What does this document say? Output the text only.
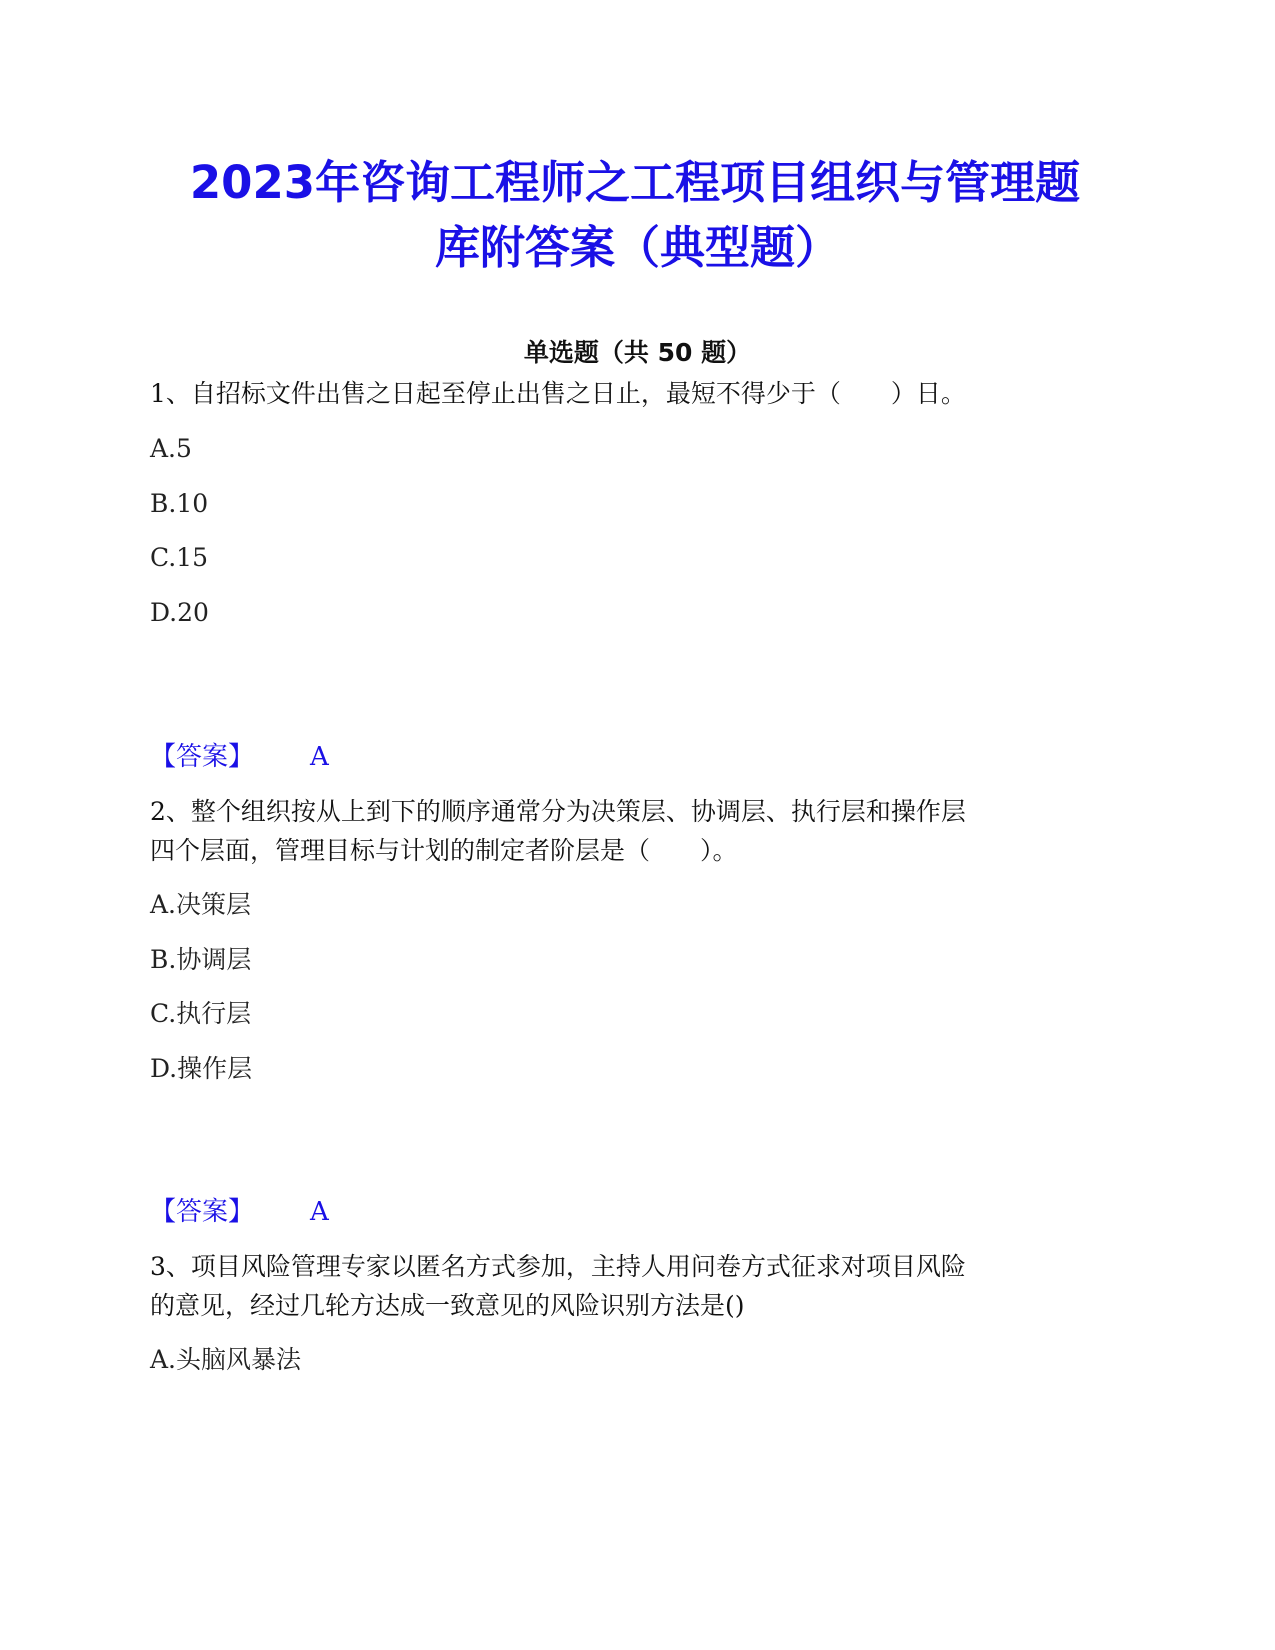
2023年咨询工程师之工程项目组织与管理题
库附答案（典型题）
单选题（共 50 题）
1、自招标文件出售之日起至停止出售之日止，最短不得少于（　　）日。
A.5
B.10
C.15
D.20
【答案】 A
2、整个组织按从上到下的顺序通常分为决策层、协调层、执行层和操作层
四个层面，管理目标与计划的制定者阶层是（　　）。
A.决策层
B.协调层
C.执行层
D.操作层
【答案】 A
3、项目风险管理专家以匿名方式参加，主持人用问卷方式征求对项目风险
的意见，经过几轮方达成一致意见的风险识别方法是()
A.头脑风暴法
